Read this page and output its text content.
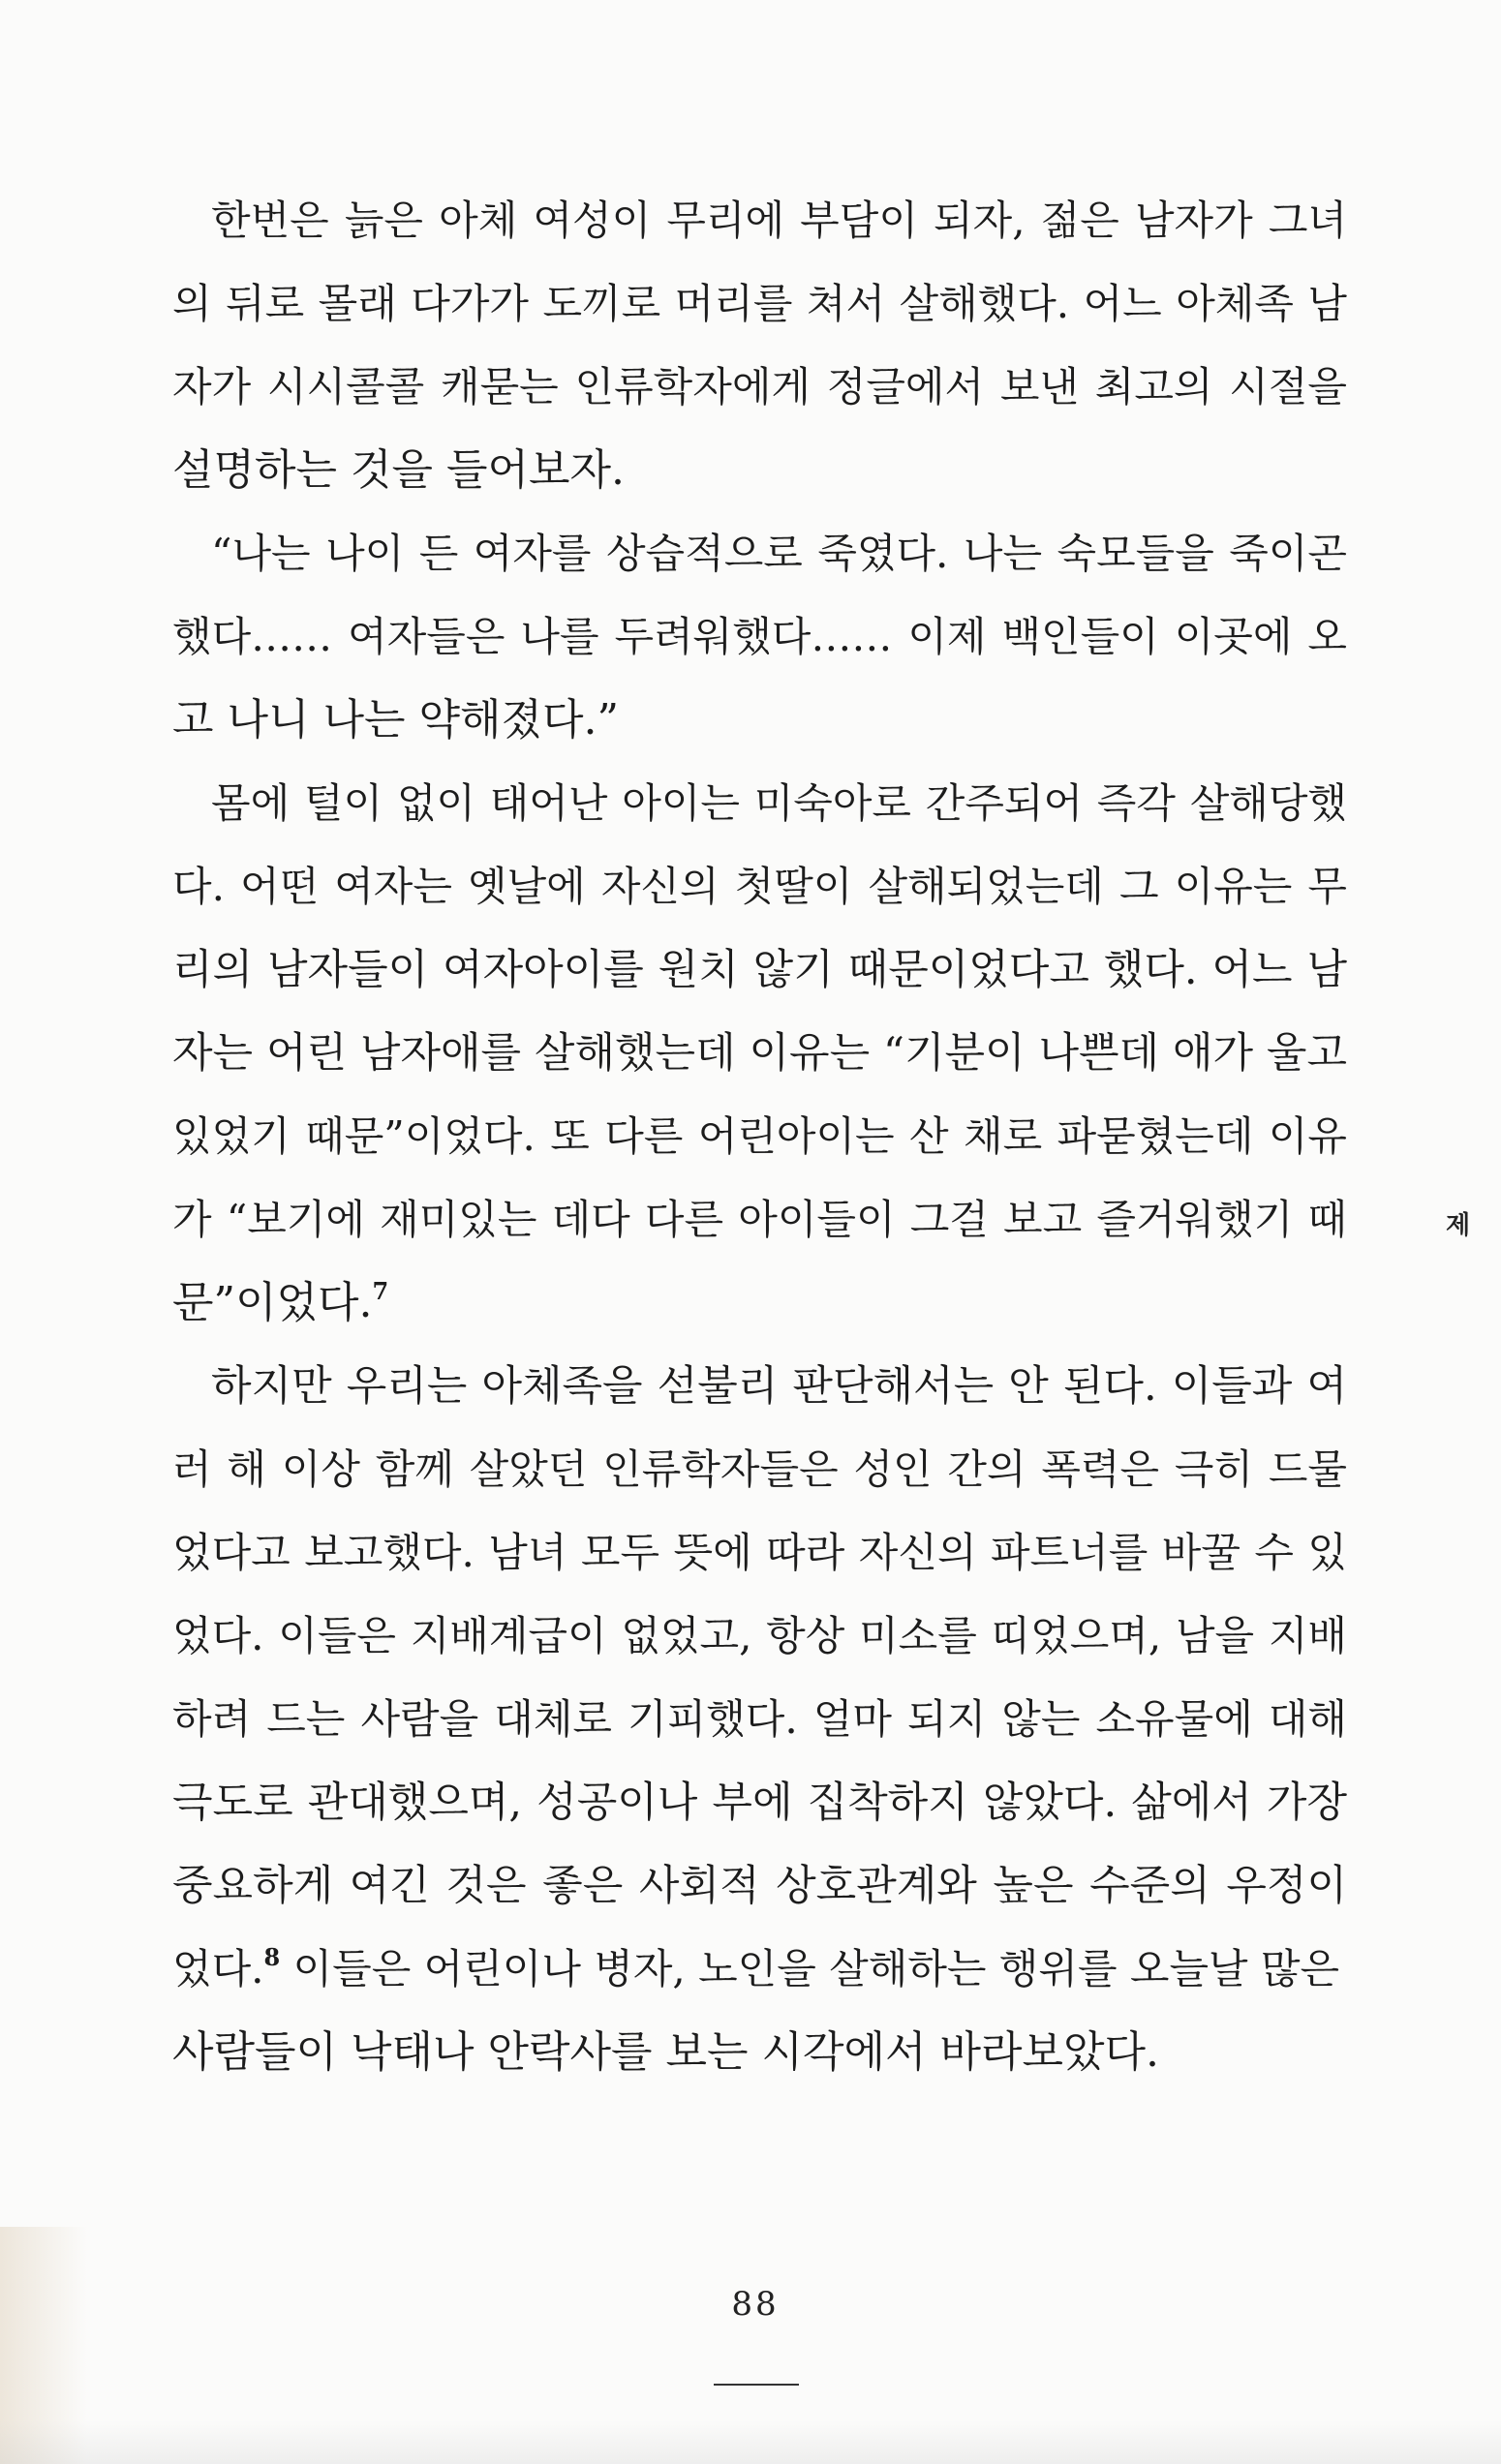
한번은 늙은 아체 여성이 무리에 부담이 되자, 젊은 남자가 그녀
의 뒤로 몰래 다가가 도끼로 머리를 쳐서 살해했다. 어느 아체족 남
자가 시시콜콜 캐묻는 인류학자에게 정글에서 보낸 최고의 시절을
설명하는 것을 들어보자.
“나는 나이 든 여자를 상습적으로 죽였다. 나는 숙모들을 죽이곤
했다…… 여자들은 나를 두려워했다…… 이제 백인들이 이곳에 오
고 나니 나는 약해졌다.”
몸에 털이 없이 태어난 아이는 미숙아로 간주되어 즉각 살해당했
다. 어떤 여자는 옛날에 자신의 첫딸이 살해되었는데 그 이유는 무
리의 남자들이 여자아이를 원치 않기 때문이었다고 했다. 어느 남
자는 어린 남자애를 살해했는데 이유는 “기분이 나쁜데 애가 울고
있었기 때문”이었다. 또 다른 어린아이는 산 채로 파묻혔는데 이유
가 “보기에 재미있는 데다 다른 아이들이 그걸 보고 즐거워했기 때
문”이었다.$^7$
하지만 우리는 아체족을 섣불리 판단해서는 안 된다. 이들과 여
러 해 이상 함께 살았던 인류학자들은 성인 간의 폭력은 극히 드물
었다고 보고했다. 남녀 모두 뜻에 따라 자신의 파트너를 바꿀 수 있
었다. 이들은 지배계급이 없었고, 항상 미소를 띠었으며, 남을 지배
하려 드는 사람을 대체로 기피했다. 얼마 되지 않는 소유물에 대해
극도로 관대했으며, 성공이나 부에 집착하지 않았다. 삶에서 가장
중요하게 여긴 것은 좋은 사회적 상호관계와 높은 수준의 우정이
었다.$^8$ 이들은 어린이나 병자, 노인을 살해하는 행위를 오늘날 많은
사람들이 낙태나 안락사를 보는 시각에서 바라보았다.
제
88
